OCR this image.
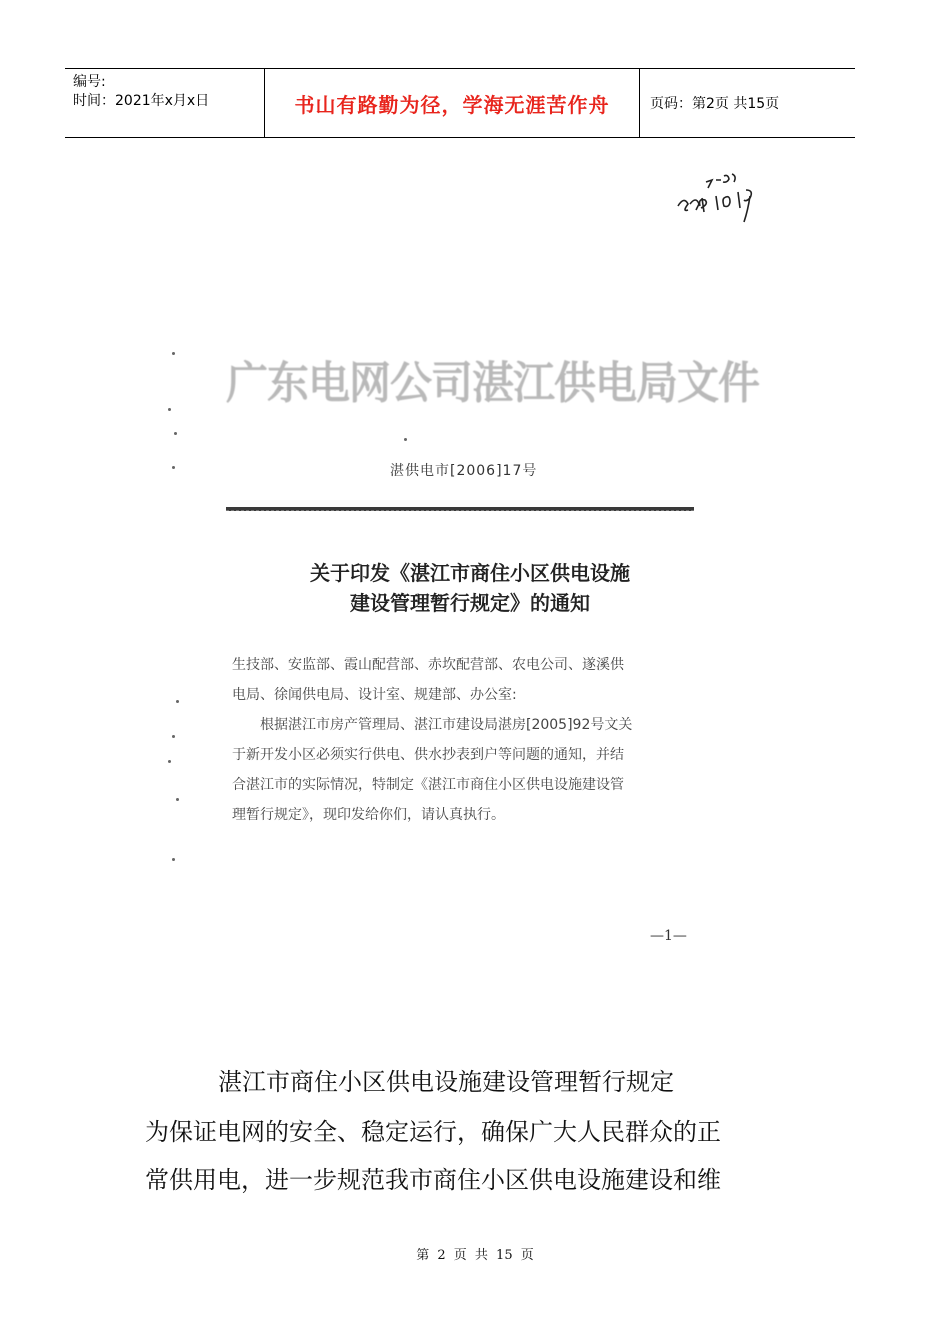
编号:
时间：2021年x月x日	书山有路勤为径，学海无涯苦作舟	页码：第2页 共15页
广东电网公司湛江供电局文件
湛供电市[2006]17号
关于印发《湛江市商住小区供电设施
建设管理暂行规定》的通知

生技部、安监部、霞山配营部、赤坎配营部、农电公司、遂溪供

电局、徐闻供电局、设计室、规建部、办公室:

根据湛江市房产管理局、湛江市建设局湛房[2005]92号文关

于新开发小区必须实行供电、供水抄表到户等问题的通知，并结

合湛江市的实际情况，特制定《湛江市商住小区供电设施建设管

理暂行规定》，现印发给你们，请认真执行。

—1—
湛江市商住小区供电设施建设管理暂行规定
为保证电网的安全、稳定运行，确保广大人民群众的正
常供用电，进一步规范我市商住小区供电设施建设和维
第 2 页 共 15 页
